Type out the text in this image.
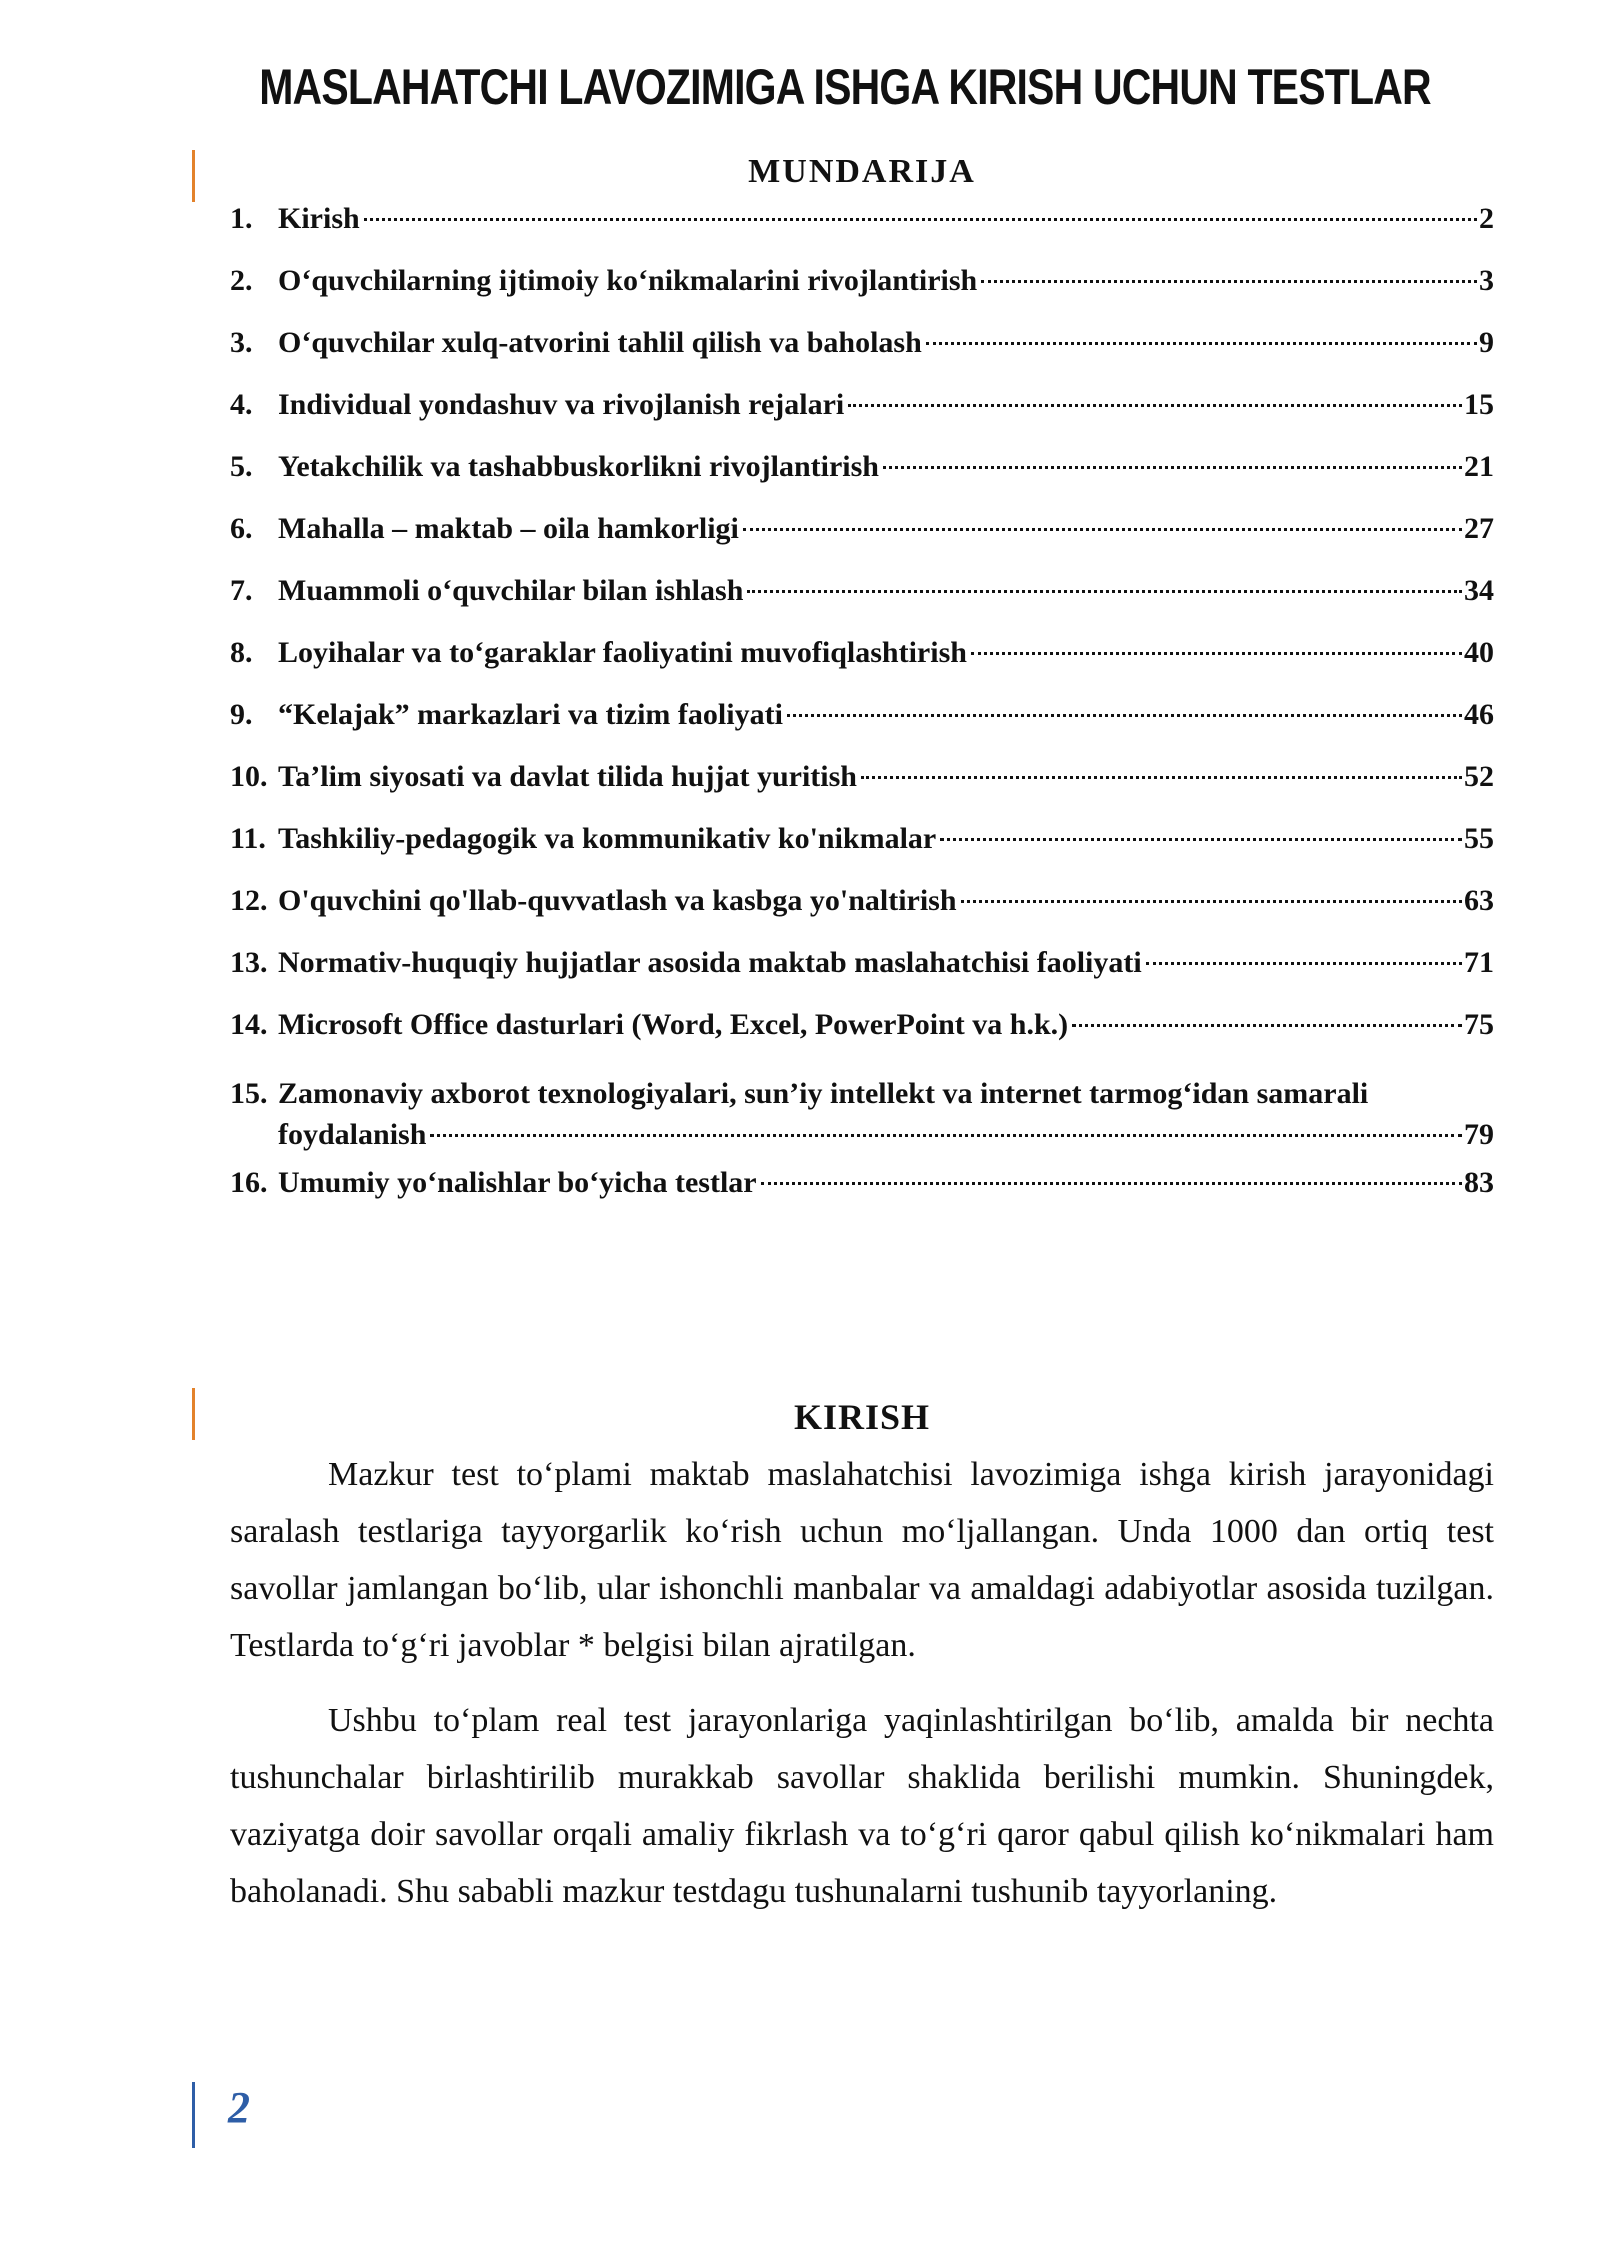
MASLAHATCHI LAVOZIMIGA ISHGA KIRISH UCHUN TESTLAR
MUNDARIJA
1. Kirish	2
2. O‘quvchilarning ijtimoiy ko‘nikmalarini rivojlantirish	3
3. O‘quvchilar xulq-atvorini tahlil qilish va baholash	9
4. Individual yondashuv va rivojlanish rejalari	15
5. Yetakchilik va tashabbuskorlikni rivojlantirish	21
6. Mahalla – maktab – oila hamkorligi	27
7. Muammoli o‘quvchilar bilan ishlash	34
8. Loyihalar va to‘garaklar faoliyatini muvofiqlashtirish	40
9. “Kelajak” markazlari va tizim faoliyati	46
10. Ta’lim siyosati va davlat tilida hujjat yuritish	52
11. Tashkiliy-pedagogik va kommunikativ ko'nikmalar	55
12. O'quvchini qo'llab-quvvatlash va kasbga yo'naltirish	63
13. Normativ-huquqiy hujjatlar asosida maktab maslahatchisi faoliyati	71
14. Microsoft Office dasturlari (Word, Excel, PowerPoint va h.k.)	75
15. Zamonaviy axborot texnologiyalari, sun’iy intellekt va internet tarmog‘idan samarali
foydalanish	79
16. Umumiy yo‘nalishlar bo‘yicha testlar	83
KIRISH

Mazkur test to‘plami maktab maslahatchisi lavozimiga ishga kirish jarayonidagi saralash testlariga tayyorgarlik ko‘rish uchun mo‘ljallangan. Unda 1000 dan ortiq test savollar jamlangan bo‘lib, ular ishonchli manbalar va amaldagi adabiyotlar asosida tuzilgan. Testlarda to‘g‘ri javoblar * belgisi bilan ajratilgan.

Ushbu to‘plam real test jarayonlariga yaqinlashtirilgan bo‘lib, amalda bir nechta tushunchalar birlashtirilib murakkab savollar shaklida berilishi mumkin. Shuningdek, vaziyatga doir savollar orqali amaliy fikrlash va to‘g‘ri qaror qabul qilish ko‘nikmalari ham baholanadi. Shu sababli mazkur testdagu tushunalarni tushunib tayyorlaning.

2
